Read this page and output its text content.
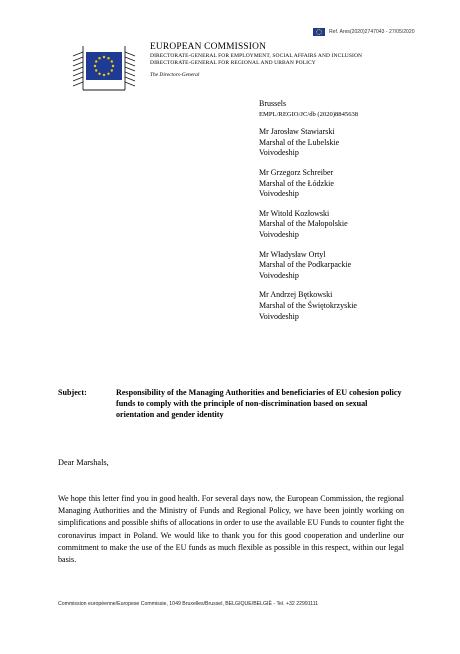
Ref. Ares(2020)2747043 - 27/05/2020
EUROPEAN COMMISSION
DIRECTORATE-GENERAL FOR EMPLOYMENT, SOCIAL AFFAIRS AND INCLUSION
DIRECTORATE-GENERAL FOR REGIONAL AND URBAN POLICY
The Directors-General
Brussels
EMPL/REGIO/JC/db (2020)8845638
Mr Jarosław Stawiarski
Marshal of the Lubelskie
Voivodeship
Mr Grzegorz Schreiber
Marshal of the Łódzkie
Voivodeship
Mr Witold Kozłowski
Marshal of the Małopolskie
Voivodeship
Mr Władysław Ortyl
Marshal of the Podkarpackie
Voivodeship
Mr Andrzej Bętkowski
Marshal of the Świętokrzyskie
Voivodeship
Subject:	Responsibility of the Managing Authorities and beneficiaries of EU cohesion policy funds to comply with the principle of non-discrimination based on sexual orientation and gender identity
Dear Marshals,

We hope this letter find you in good health. For several days now, the European Commission, the regional Managing Authorities and the Ministry of Funds and Regional Policy, we have been jointly working on simplifications and possible shifts of allocations in order to use the available EU Funds to counter fight the coronavirus impact in Poland. We would like to thank you for this good cooperation and underline our commitment to make the use of the EU funds as much flexible as possible in this respect, within our legal basis.

Commission européenne/Europese Commissie, 1049 Bruxelles/Brussel, BELGIQUE/BELGIË - Tel. +32 22991111
